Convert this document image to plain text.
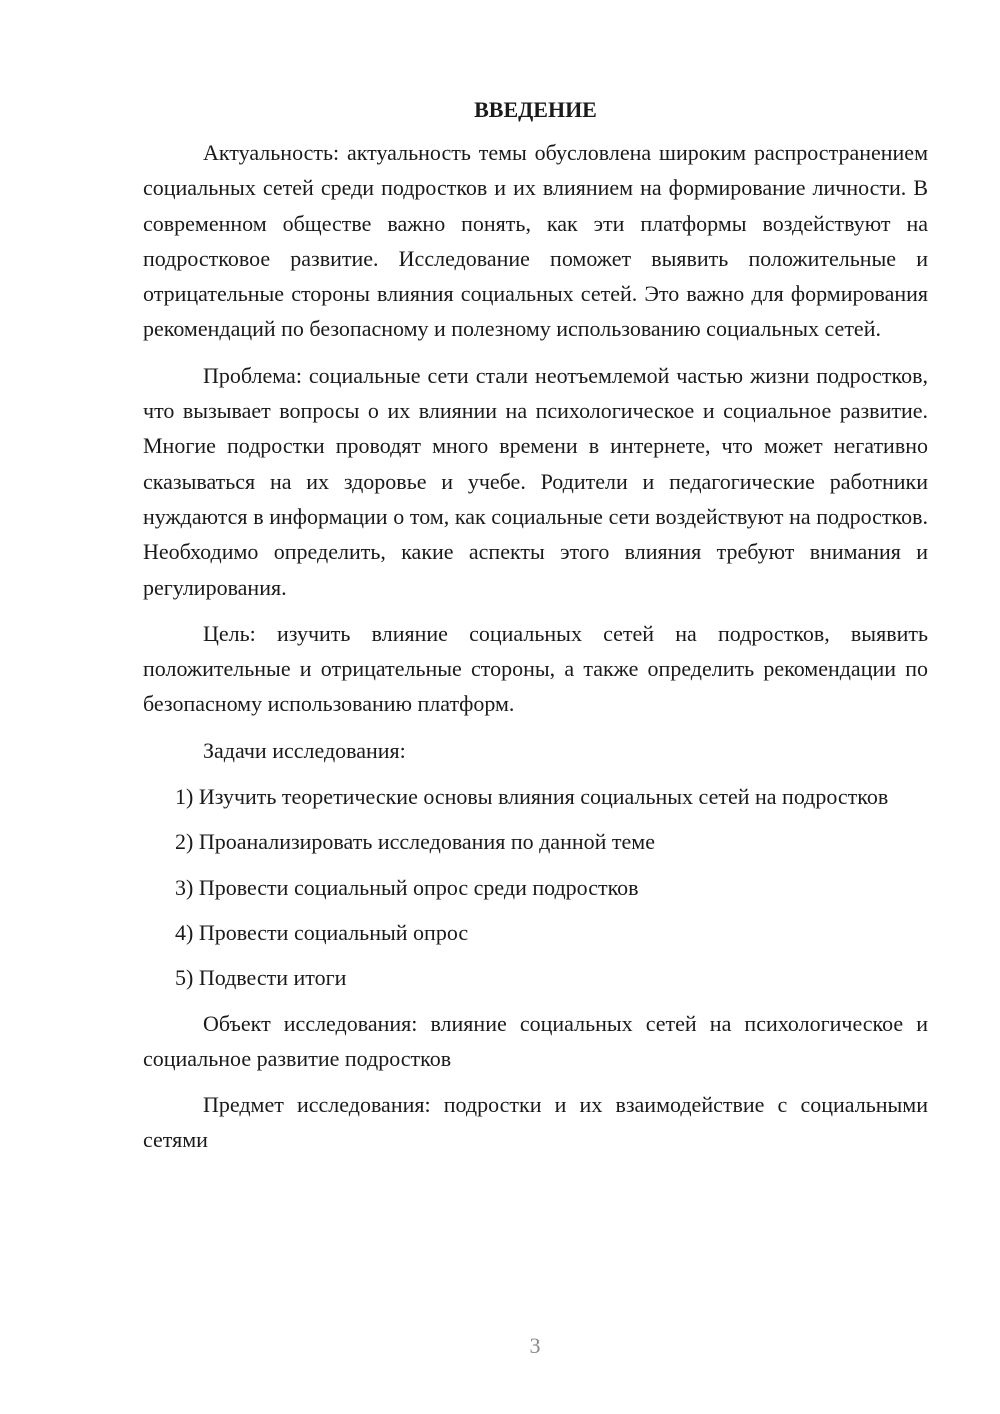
ВВЕДЕНИЕ

Актуальность: актуальность темы обусловлена широким распространением социальных сетей среди подростков и их влиянием на формирование личности. В современном обществе важно понять, как эти платформы воздействуют на подростковое развитие. Исследование поможет выявить положительные и отрицательные стороны влияния социальных сетей. Это важно для формирования рекомендаций по безопасному и полезному использованию социальных сетей.

Проблема: социальные сети стали неотъемлемой частью жизни подростков, что вызывает вопросы о их влиянии на психологическое и социальное развитие. Многие подростки проводят много времени в интернете, что может негативно сказываться на их здоровье и учебе. Родители и педагогические работники нуждаются в информации о том, как социальные сети воздействуют на подростков. Необходимо определить, какие аспекты этого влияния требуют внимания и регулирования.

Цель: изучить влияние социальных сетей на подростков, выявить положительные и отрицательные стороны, а также определить рекомендации по безопасному использованию платформ.

Задачи исследования:

1) Изучить теоретические основы влияния социальных сетей на подростков

2) Проанализировать исследования по данной теме

3) Провести социальный опрос среди подростков

4) Провести социальный опрос

5) Подвести итоги

Объект исследования: влияние социальных сетей на психологическое и социальное развитие подростков

Предмет исследования: подростки и их взаимодействие с социальными сетями

3
